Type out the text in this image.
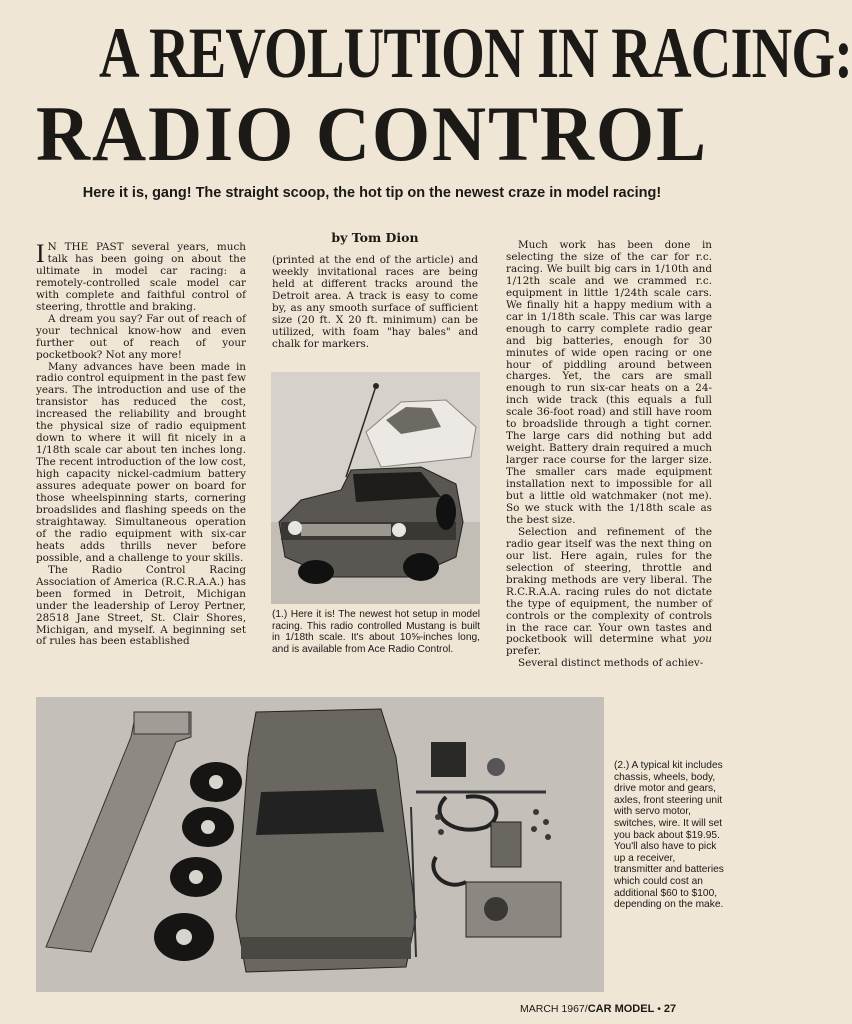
A REVOLUTION IN RACING:
RADIO CONTROL
Here it is, gang! The straight scoop, the hot tip on the newest craze in model racing!

I N THE PAST several years, much talk has been going on about the ultimate in model car racing: a remotely-controlled scale model car with complete and faithful control of steering, throttle and braking.

A dream you say? Far out of reach of your technical know-how and even further out of reach of your pocketbook? Not any more!

Many advances have been made in radio control equipment in the past few years. The introduction and use of the transistor has reduced the cost, increased the reliability and brought the physical size of radio equipment down to where it will fit nicely in a 1/18th scale car about ten inches long. The recent introduction of the low cost, high capacity nickel-cadmium battery assures adequate power on board for those wheelspinning starts, cornering broadslides and flashing speeds on the straightaway. Simultaneous operation of the radio equipment with six-car heats adds thrills never before possible, and a challenge to your skills.

The Radio Control Racing Association of America (R.C.R.A.A.) has been formed in Detroit, Michigan under the leadership of Leroy Pertner, 28518 Jane Street, St. Clair Shores, Michigan, and myself. A beginning set of rules has been established

by Tom Dion

(printed at the end of the article) and weekly invitational races are being held at different tracks around the Detroit area. A track is easy to come by, as any smooth surface of sufficient size (20 ft. X 20 ft. minimum) can be utilized, with foam "hay bales" and chalk for markers.

(1.) Here it is! The newest hot setup in model racing. This radio controlled Mustang is built in 1/18th scale. It's about 10⅝-inches long, and is available from Ace Radio Control.

Much work has been done in selecting the size of the car for r.c. racing. We built big cars in 1/10th and 1/12th scale and we crammed r.c. equipment in little 1/24th scale cars. We finally hit a happy medium with a car in 1/18th scale. This car was large enough to carry complete radio gear and big batteries, enough for 30 minutes of wide open racing or one hour of piddling around between charges. Yet, the cars are small enough to run six-car heats on a 24-inch wide track (this equals a full scale 36-foot road) and still have room to broadslide through a tight corner. The large cars did nothing but add weight. Battery drain required a much larger race course for the larger size. The smaller cars made equipment installation next to impossible for all but a little old watchmaker (not me). So we stuck with the 1/18th scale as the best size.

Selection and refinement of the radio gear itself was the next thing on our list. Here again, rules for the selection of steering, throttle and braking methods are very liberal. The R.C.R.A.A. racing rules do not dictate the type of equipment, the number of controls or the complexity of controls in the race car. Your own tastes and pocketbook will determine what you prefer.

Several distinct methods of achiev-

(2.) A typical kit includes chassis, wheels, body, drive motor and gears, axles, front steering unit with servo motor, switches, wire. It will set you back about $19.95. You'll also have to pick up a receiver, transmitter and batteries which could cost an additional $60 to $100, depending on the make.
MARCH 1967/CAR MODEL • 27
